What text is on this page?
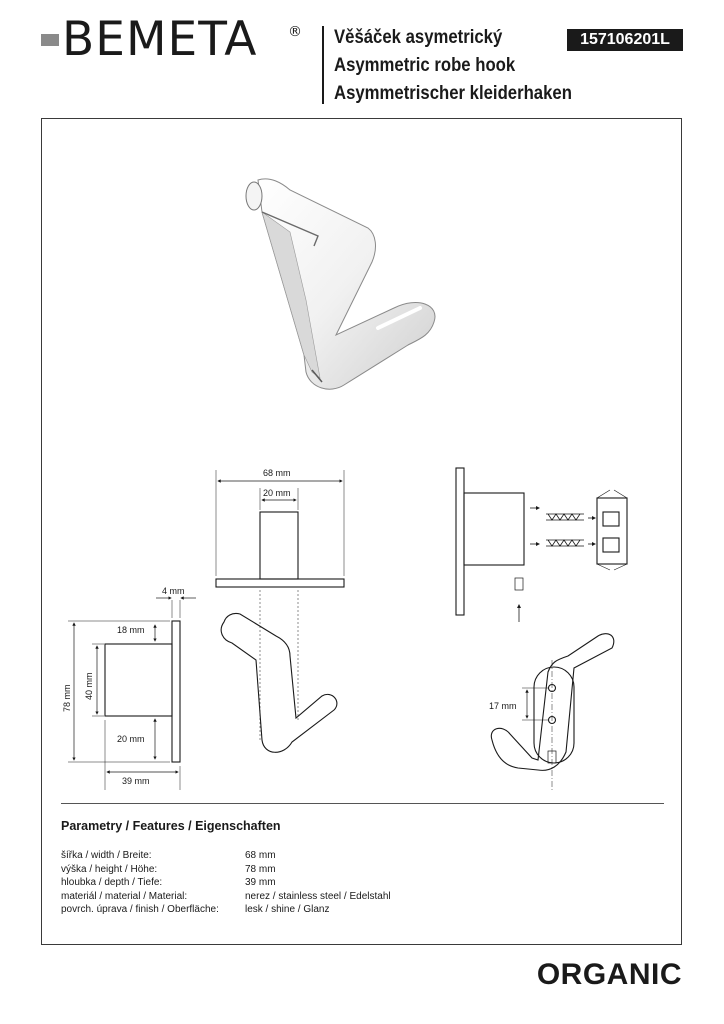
BEMETA ® Věšáček asymetrický
Asymmetric robe hook
Asymmetrischer kleiderhaken
157106201L
68 mm
20 mm
4 mm
18 mm
78 mm 40 mm
20 mm
39 mm
17 mm
Parametry / Features / Eigenschaften
šířka / width / Breite:	68 mm
výška / height / Höhe:	78 mm
hloubka / depth / Tiefe:	39 mm
materiál / material / Material:	nerez / stainless steel / Edelstahl
povrch. úprava / finish / Oberfläche:	lesk / shine / Glanz
ORGANIC
